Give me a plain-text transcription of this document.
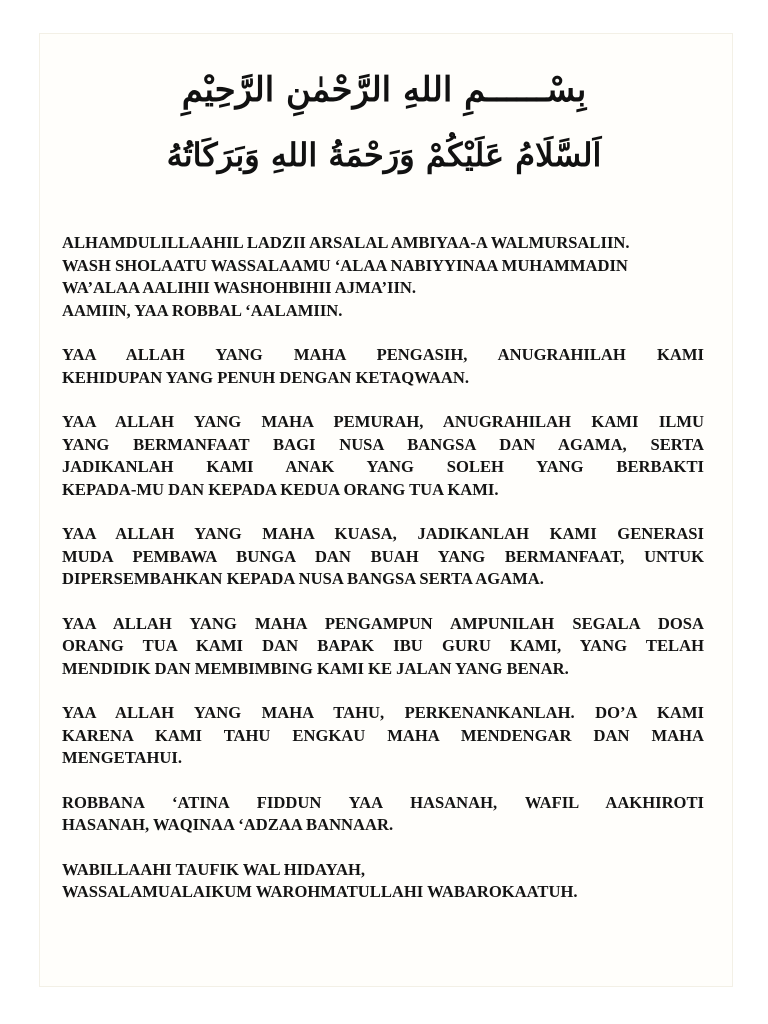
بِسْــــــمِ اللهِ الرَّحْمٰنِ الرَّحِيْمِ
اَلسَّلَامُ عَلَيْكُمْ وَرَحْمَةُ اللهِ وَبَرَكَاتُهُ
ALHAMDULILLAAHIL LADZII ARSALAL AMBIYAA-A WALMURSALIIN.
WASH SHOLAATU WASSALAAMU ‘ALAA NABIYYINAA MUHAMMADIN
WA’ALAA AALIHII WASHOHBIHII AJMA’IIN.
AAMIIN, YAA ROBBAL ‘AALAMIIN.
YAA ALLAH YANG MAHA PENGASIH, ANUGRAHILAH KAMI
KEHIDUPAN YANG PENUH DENGAN KETAQWAAN.
YAA ALLAH YANG MAHA PEMURAH, ANUGRAHILAH KAMI ILMU
YANG BERMANFAAT BAGI NUSA BANGSA DAN AGAMA, SERTA
JADIKANLAH KAMI ANAK YANG SOLEH YANG BERBAKTI
KEPADA-MU DAN KEPADA KEDUA ORANG TUA KAMI.
YAA ALLAH YANG MAHA KUASA, JADIKANLAH KAMI GENERASI
MUDA PEMBAWA BUNGA DAN BUAH YANG BERMANFAAT, UNTUK
DIPERSEMBAHKAN KEPADA NUSA BANGSA SERTA AGAMA.
YAA ALLAH YANG MAHA PENGAMPUN AMPUNILAH SEGALA DOSA
ORANG TUA KAMI DAN BAPAK IBU GURU KAMI, YANG TELAH
MENDIDIK DAN MEMBIMBING KAMI KE JALAN YANG BENAR.
YAA ALLAH YANG MAHA TAHU, PERKENANKANLAH. DO’A KAMI
KARENA KAMI TAHU ENGKAU MAHA MENDENGAR DAN MAHA
MENGETAHUI.
ROBBANA ‘ATINA FIDDUN YAA HASANAH, WAFIL AAKHIROTI
HASANAH, WAQINAA ‘ADZAA BANNAAR.
WABILLAAHI TAUFIK WAL HIDAYAH,
WASSALAMUALAIKUM WAROHMATULLAHI WABAROKAATUH.
